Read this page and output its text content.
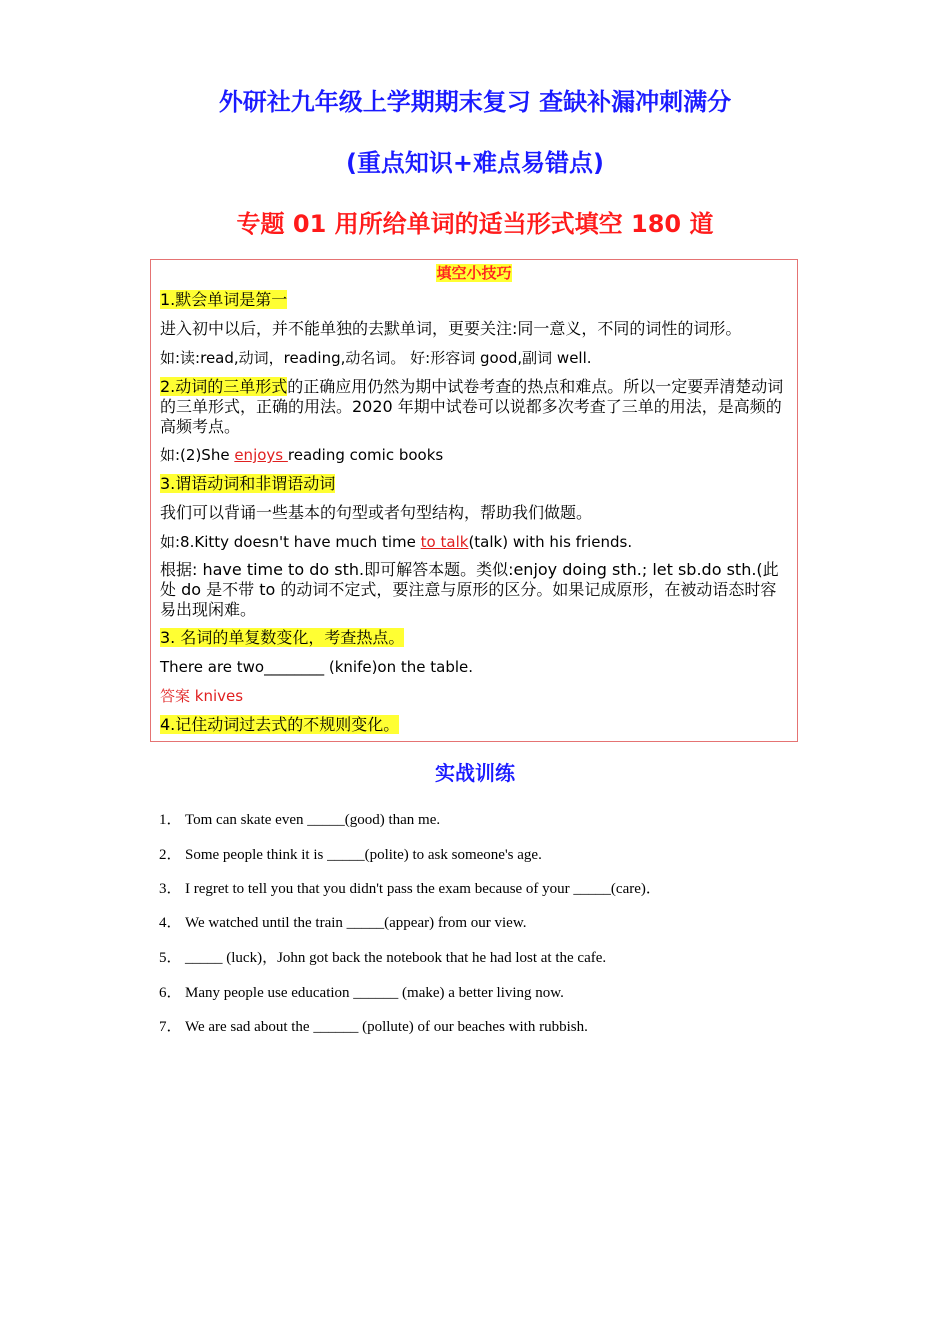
外研社九年级上学期期末复习 查缺补漏冲刺满分
(重点知识+难点易错点)
专题 01 用所给单词的适当形式填空 180 道
填空小技巧
1.默会单词是第一
进入初中以后，并不能单独的去默单词，更要关注:同一意义，不同的词性的词形。
如:读:read,动词，reading,动名词。 好:形容词 good,副词 well.
2.动词的三单形式的正确应用仍然为期中试卷考查的热点和难点。所以一定要弄清楚动词的三单形式，正确的用法。2020 年期中试卷可以说都多次考查了三单的用法，是高频的高频考点。
如:(2)She enjoys reading comic books
3.谓语动词和非谓语动词
我们可以背诵一些基本的句型或者句型结构，帮助我们做题。
如:8.Kitty doesn't have much time to talk(talk) with his friends.
根据: have time to do sth.即可解答本题。类似:enjoy doing sth.; let sb.do sth.(此处 do 是不带 to 的动词不定式，要注意与原形的区分。如果记成原形，在被动语态时容易出现闲难。
3. 名词的单复数变化，考查热点。
There are two________ (knife)on the table.
答案 knives
4.记住动词过去式的不规则变化。
实战训练
1． Tom can skate even _____(good) than me.
2． Some people think it is _____(polite) to ask someone's age.
3． I regret to tell you that you didn't pass the exam because of your _____(care)．
4． We watched until the train _____(appear) from our view.
5． _____ (luck)，John got back the notebook that he had lost at the cafe.
6． Many people use education ______ (make) a better living now.
7． We are sad about the ______ (pollute) of our beaches with rubbish.
